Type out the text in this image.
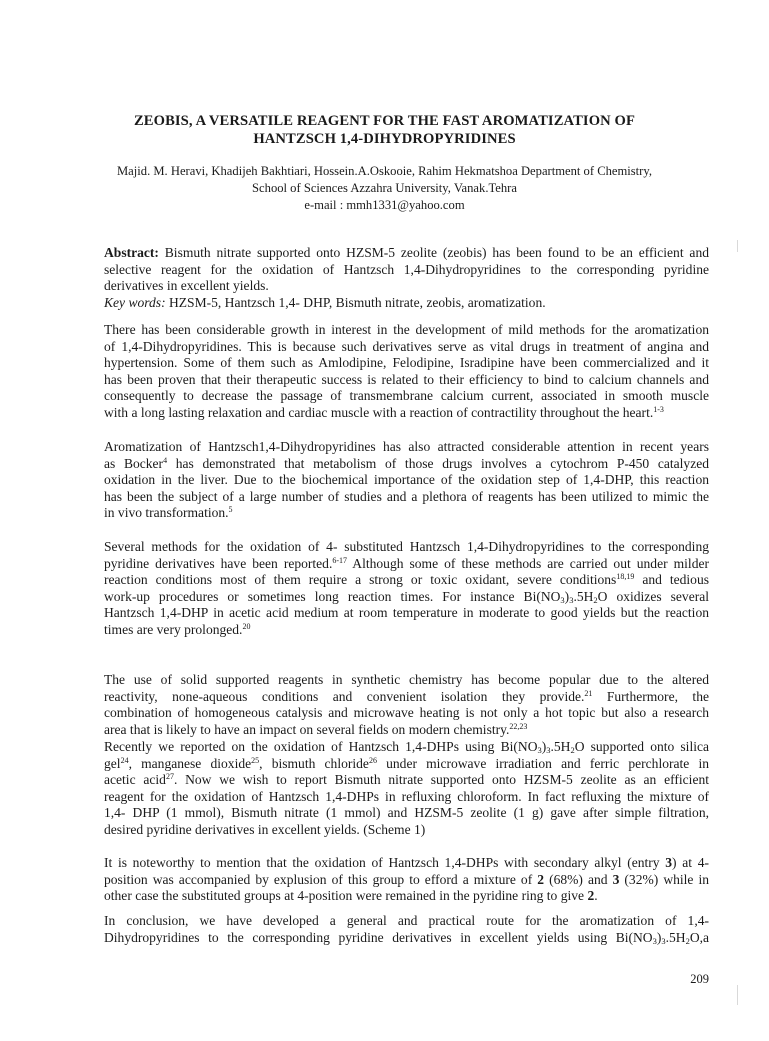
ZEOBIS, A VERSATILE REAGENT FOR THE FAST AROMATIZATION OF
HANTZSCH 1,4-DIHYDROPYRIDINES
Majid. M. Heravi, Khadijeh Bakhtiari, Hossein.A.Oskooie, Rahim Hekmatshoa Department of Chemistry,
School of Sciences Azzahra University, Vanak.Tehra
e-mail : mmh1331@yahoo.com
Abstract: Bismuth nitrate supported onto HZSM-5 zeolite (zeobis) has been found to be an efficient and
selective reagent for the oxidation of Hantzsch 1,4-Dihydropyridines to the corresponding pyridine
derivatives in excellent yields.
Key words: HZSM-5, Hantzsch 1,4- DHP, Bismuth nitrate, zeobis, aromatization.
There has been considerable growth in interest in the development of mild methods for the aromatization
of 1,4-Dihydropyridines. This is because such derivatives serve as vital drugs in treatment of angina and
hypertension. Some of them such as Amlodipine, Felodipine, Isradipine have been commercialized and it
has been proven that their therapeutic success is related to their efficiency to bind to calcium channels and
consequently to decrease the passage of transmembrane calcium current, associated in smooth muscle
with a long lasting relaxation and cardiac muscle with a reaction of contractility throughout the heart.$^{1-3}$
Aromatization of Hantzsch1,4-Dihydropyridines has also attracted considerable attention in recent years
as Bocker$^4$ has demonstrated that metabolism of those drugs involves a cytochrom P-450 catalyzed
oxidation in the liver. Due to the biochemical importance of the oxidation step of 1,4-DHP, this reaction
has been the subject of a large number of studies and a plethora of reagents has been utilized to mimic the
in vivo transformation.$^5$
Several methods for the oxidation of 4- substituted Hantzsch 1,4-Dihydropyridines to the corresponding
pyridine derivatives have been reported.$^{6-17}$ Although some of these methods are carried out under milder
reaction conditions most of them require a strong or toxic oxidant, severe conditions$^{18,19}$ and tedious
work-up procedures or sometimes long reaction times. For instance $Bi(NO_3)_3.5H_2O$ oxidizes several
Hantzsch 1,4-DHP in acetic acid medium at room temperature in moderate to good yields but the reaction
times are very prolonged.$^{20}$
The use of solid supported reagents in synthetic chemistry has become popular due to the altered
reactivity, none-aqueous conditions and convenient isolation they provide.$^{21}$ Furthermore, the
combination of homogeneous catalysis and microwave heating is not only a hot topic but also a research
area that is likely to have an impact on several fields on modern chemistry.$^{22,23}$
Recently we reported on the oxidation of Hantzsch 1,4-DHPs using $Bi(NO_3)_3.5H_2O$ supported onto silica
gel$^{24}$, manganese dioxide$^{25}$, bismuth chloride$^{26}$ under microwave irradiation and ferric perchlorate in
acetic acid$^{27}$. Now we wish to report Bismuth nitrate supported onto HZSM-5 zeolite as an efficient
reagent for the oxidation of Hantzsch 1,4-DHPs in refluxing chloroform. In fact refluxing the mixture of
1,4- DHP (1 mmol), Bismuth nitrate (1 mmol) and HZSM-5 zeolite (1 g) gave after simple filtration,
desired pyridine derivatives in excellent yields. (Scheme 1)
It is noteworthy to mention that the oxidation of Hantzsch 1,4-DHPs with secondary alkyl (entry 3) at 4-
position was accompanied by explusion of this group to efford a mixture of 2 (68%) and 3 (32%) while in
other case the substituted groups at 4-position were remained in the pyridine ring to give 2.
In conclusion, we have developed a general and practical route for the aromatization of 1,4-
Dihydropyridines to the corresponding pyridine derivatives in excellent yields using $Bi(NO_3)_3.5H_2O,a$
209
